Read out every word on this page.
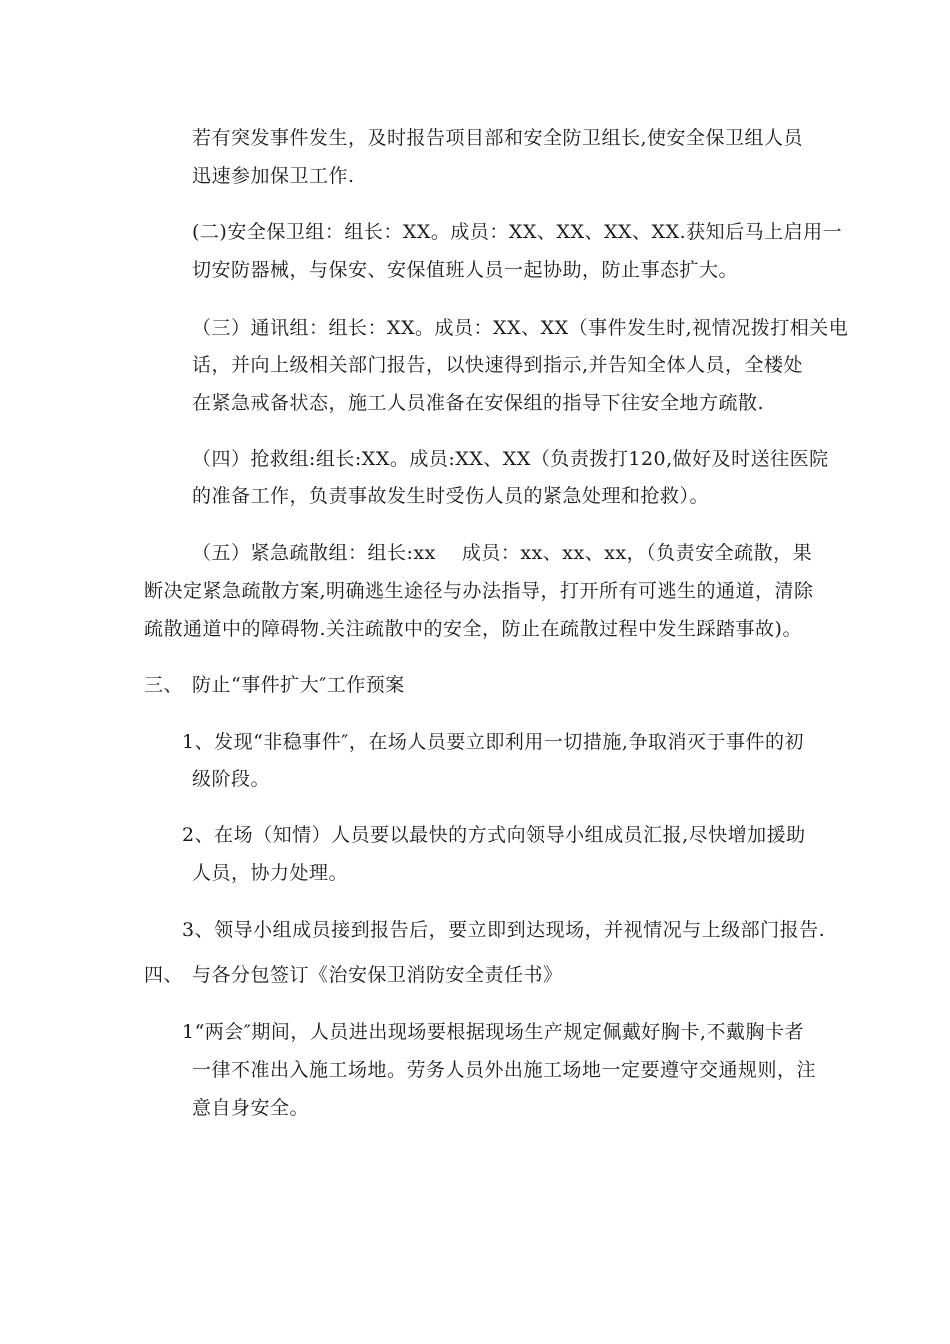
若有突发事件发生，及时报告项目部和安全防卫组长,使安全保卫组人员
迅速参加保卫工作.
(二)安全保卫组：组长：XX。成员：XX、XX、XX、XX.获知后马上启用一
切安防器械，与保安、安保值班人员一起协助，防止事态扩大。
（三）通讯组：组长：XX。成员：XX、XX（事件发生时,视情况拨打相关电
话，并向上级相关部门报告，以快速得到指示,并告知全体人员，全楼处
在紧急戒备状态，施工人员准备在安保组的指导下往安全地方疏散.
（四）抢救组:组长:XX。成员:XX、XX（负责拨打120,做好及时送往医院
的准备工作，负责事故发生时受伤人员的紧急处理和抢救）。
（五）紧急疏散组：组长:xx　 成员：xx、xx、xx，（负责安全疏散，果
断决定紧急疏散方案,明确逃生途径与办法指导，打开所有可逃生的通道，清除
疏散通道中的障碍物.关注疏散中的安全，防止在疏散过程中发生踩踏事故)。
三、 防止“事件扩大″工作预案
1、发现“非稳事件″，在场人员要立即利用一切措施,争取消灭于事件的初
级阶段。
2、在场（知情）人员要以最快的方式向领导小组成员汇报,尽快增加援助
人员，协力处理。
3、领导小组成员接到报告后，要立即到达现场，并视情况与上级部门报告.
四、 与各分包签订《治安保卫消防安全责任书》
1“两会″期间，人员进出现场要根据现场生产规定佩戴好胸卡,不戴胸卡者
一律不准出入施工场地。劳务人员外出施工场地一定要遵守交通规则，注
意自身安全。
